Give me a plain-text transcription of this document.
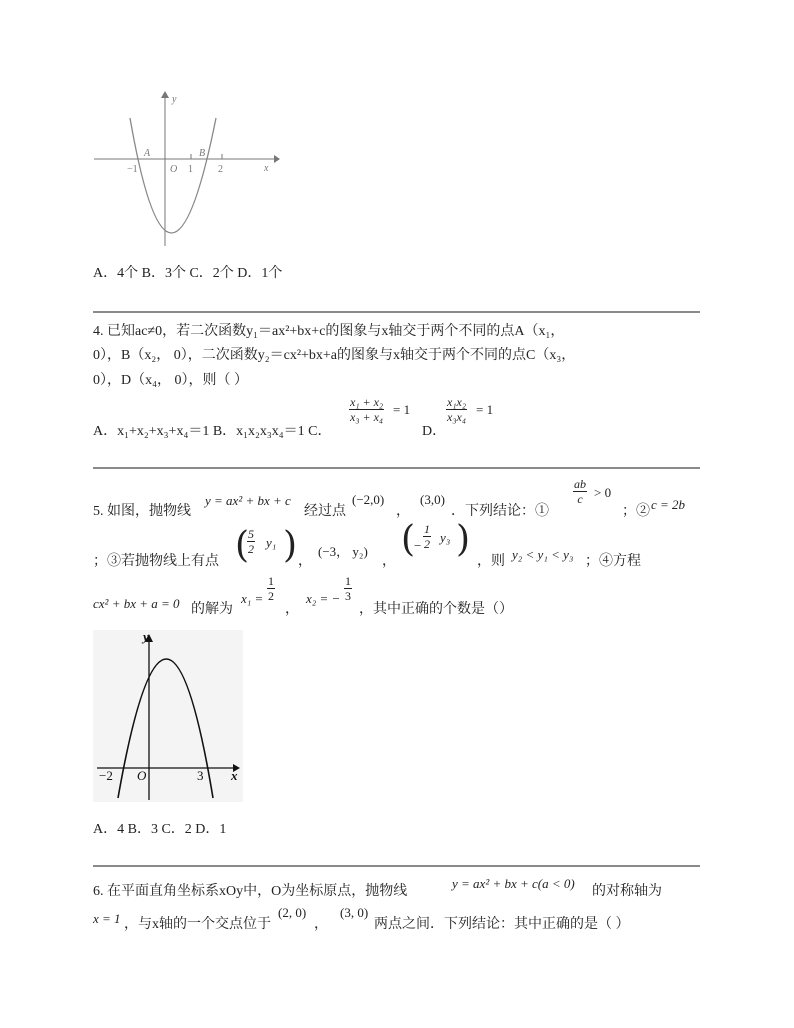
y
x
A	B
O
−1	1	2
A．4个 B．3个 C．2个 D．1个
4. 已知ac≠0，若二次函数y₁＝ax²+bx+c的图象与x轴交于两个不同的点A（x₁，
0），B（x₂， 0），二次函数y₂＝cx²+bx+a的图象与x轴交于两个不同的点C（x₃，
0），D（x₄， 0），则（ ）
A．x₁+x₂+x₃+x₄＝1 B．x₁x₂x₃x₄＝1 C．
$\frac{\text{x₁ + x₂}}{\text{x₃ + x₄}} = 1$
D．
$\frac{\text{x₁x₂}}{\text{x₃x₄}} = 1$
5. 如图，抛物线
y = ax² + bx + c
经过点
(−2,0)
，
(3,0)
．下列结论：①
$\frac{ab}{c} > 0$
；② c = 2b
；③若抛物线上有点 (
$\frac{5}{2} y_1$ ) ，
(−3， y₂)
，
(
− $\frac{1}{2} y_3$ )
，则 y₂ < y₁ < y₃ ；④方程
cx² + bx + a = 0 的解为
$x_1 = \frac{1}{2}$
，
x₂ = − $\frac{1}{3}$
，其中正确的个数是（）
y
x
−2 O	3
A．4 B．3 C．2 D．1
6. 在平面直角坐标系xOy中，O为坐标原点，抛物线
y = ax² + bx + c(a < 0)
的对称轴为
x = 1 ，与x轴的一个交点位于
(2, 0)
，
(3, 0)
两点之间．下列结论：其中正确的是（ ）
